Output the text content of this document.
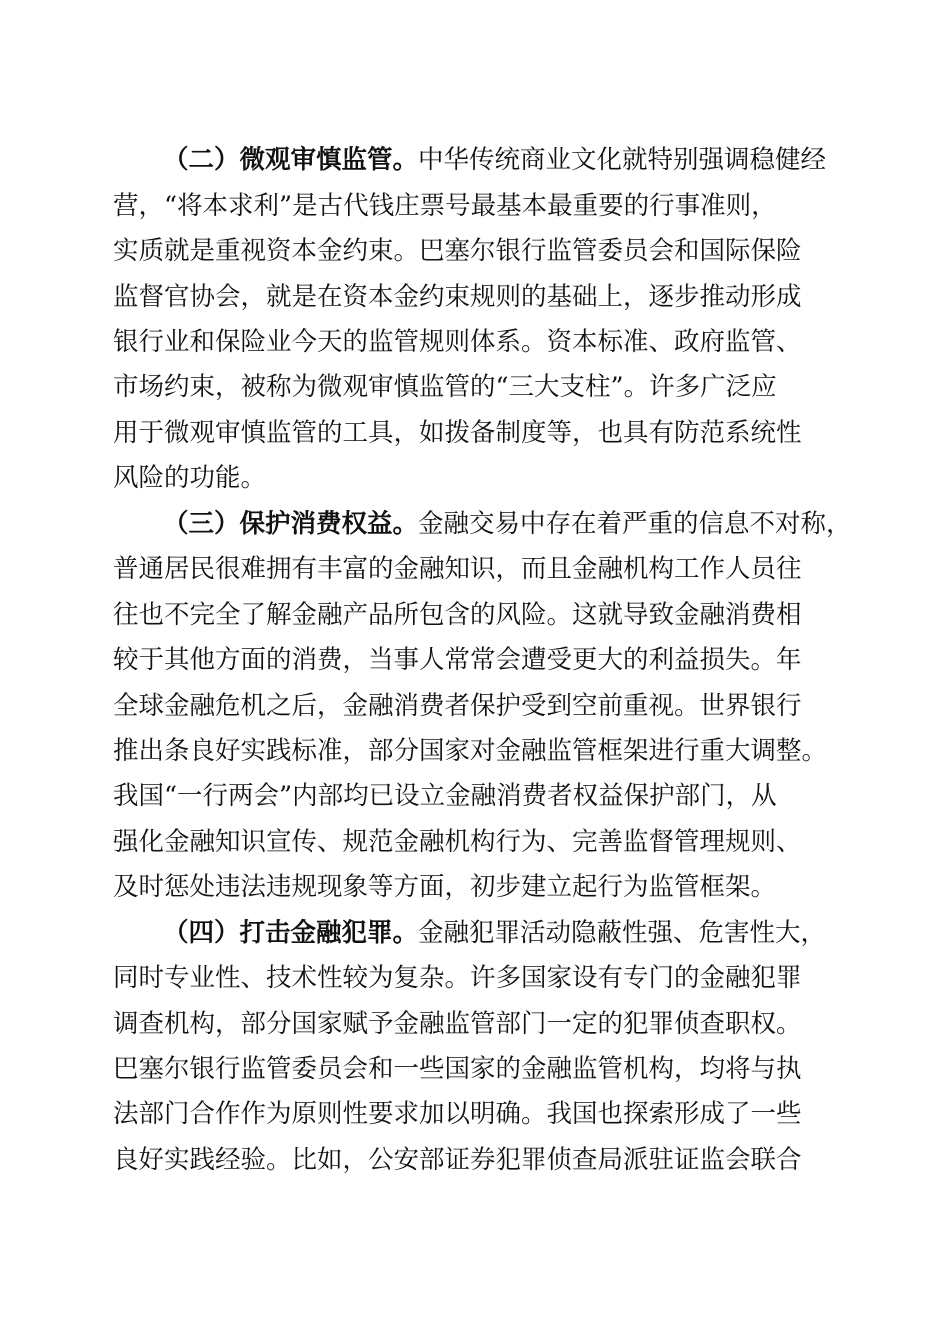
（二）微观审慎监管。中华传统商业文化就特别强调稳健经
营，“将本求利”是古代钱庄票号最基本最重要的行事准则，
实质就是重视资本金约束。巴塞尔银行监管委员会和国际保险
监督官协会，就是在资本金约束规则的基础上，逐步推动形成
银行业和保险业今天的监管规则体系。资本标准、政府监管、
市场约束，被称为微观审慎监管的“三大支柱”。许多广泛应
用于微观审慎监管的工具，如拨备制度等，也具有防范系统性
风险的功能。
（三）保护消费权益。金融交易中存在着严重的信息不对称，
普通居民很难拥有丰富的金融知识，而且金融机构工作人员往
往也不完全了解金融产品所包含的风险。这就导致金融消费相
较于其他方面的消费，当事人常常会遭受更大的利益损失。年
全球金融危机之后，金融消费者保护受到空前重视。世界银行
推出条良好实践标准，部分国家对金融监管框架进行重大调整。
我国“一行两会”内部均已设立金融消费者权益保护部门，从
强化金融知识宣传、规范金融机构行为、完善监督管理规则、
及时惩处违法违规现象等方面，初步建立起行为监管框架。
（四）打击金融犯罪。金融犯罪活动隐蔽性强、危害性大，
同时专业性、技术性较为复杂。许多国家设有专门的金融犯罪
调查机构，部分国家赋予金融监管部门一定的犯罪侦查职权。
巴塞尔银行监管委员会和一些国家的金融监管机构，均将与执
法部门合作作为原则性要求加以明确。我国也探索形成了一些
良好实践经验。比如，公安部证券犯罪侦查局派驻证监会联合
